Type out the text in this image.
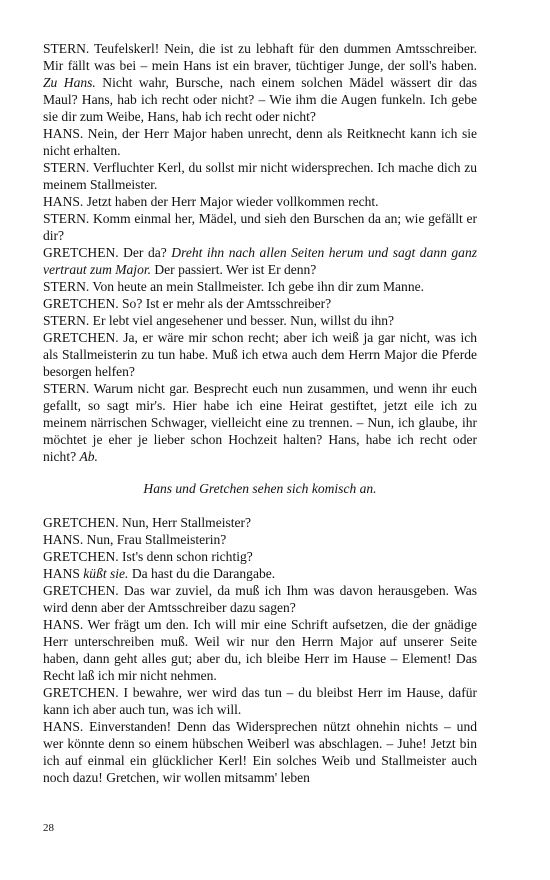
STERN. Teufelskerl! Nein, die ist zu lebhaft für den dummen Amtsschreiber. Mir fällt was bei – mein Hans ist ein braver, tüchtiger Junge, der soll's haben. Zu Hans. Nicht wahr, Bursche, nach einem solchen Mädel wässert dir das Maul? Hans, hab ich recht oder nicht? – Wie ihm die Augen funkeln. Ich gebe sie dir zum Weibe, Hans, hab ich recht oder nicht?
HANS. Nein, der Herr Major haben unrecht, denn als Reitknecht kann ich sie nicht erhalten.
STERN. Verfluchter Kerl, du sollst mir nicht widersprechen. Ich mache dich zu meinem Stallmeister.
HANS. Jetzt haben der Herr Major wieder vollkommen recht.
STERN. Komm einmal her, Mädel, und sieh den Burschen da an; wie gefällt er dir?
GRETCHEN. Der da? Dreht ihn nach allen Seiten herum und sagt dann ganz vertraut zum Major. Der passiert. Wer ist Er denn?
STERN. Von heute an mein Stallmeister. Ich gebe ihn dir zum Manne.
GRETCHEN. So? Ist er mehr als der Amtsschreiber?
STERN. Er lebt viel angesehener und besser. Nun, willst du ihn?
GRETCHEN. Ja, er wäre mir schon recht; aber ich weiß ja gar nicht, was ich als Stallmeisterin zu tun habe. Muß ich etwa auch dem Herrn Major die Pferde besorgen helfen?
STERN. Warum nicht gar. Besprecht euch nun zusammen, und wenn ihr euch gefallt, so sagt mir's. Hier habe ich eine Heirat gestiftet, jetzt eile ich zu meinem närrischen Schwager, vielleicht eine zu trennen. – Nun, ich glaube, ihr möchtet je eher je lieber schon Hochzeit halten? Hans, habe ich recht oder nicht? Ab.
Hans und Gretchen sehen sich komisch an.
GRETCHEN. Nun, Herr Stallmeister?
HANS. Nun, Frau Stallmeisterin?
GRETCHEN. Ist's denn schon richtig?
HANS küßt sie. Da hast du die Darangabe.
GRETCHEN. Das war zuviel, da muß ich Ihm was davon herausgeben. Was wird denn aber der Amtsschreiber dazu sagen?
HANS. Wer frägt um den. Ich will mir eine Schrift aufsetzen, die der gnädige Herr unterschreiben muß. Weil wir nur den Herrn Major auf unserer Seite haben, dann geht alles gut; aber du, ich bleibe Herr im Hause – Element! Das Recht laß ich mir nicht nehmen.
GRETCHEN. I bewahre, wer wird das tun – du bleibst Herr im Hause, dafür kann ich aber auch tun, was ich will.
HANS. Einverstanden! Denn das Widersprechen nützt ohnehin nichts – und wer könnte denn so einem hübschen Weiberl was abschlagen. – Juhe! Jetzt bin ich auf einmal ein glücklicher Kerl! Ein solches Weib und Stallmeister auch noch dazu! Gretchen, wir wollen mitsamm' leben
28
